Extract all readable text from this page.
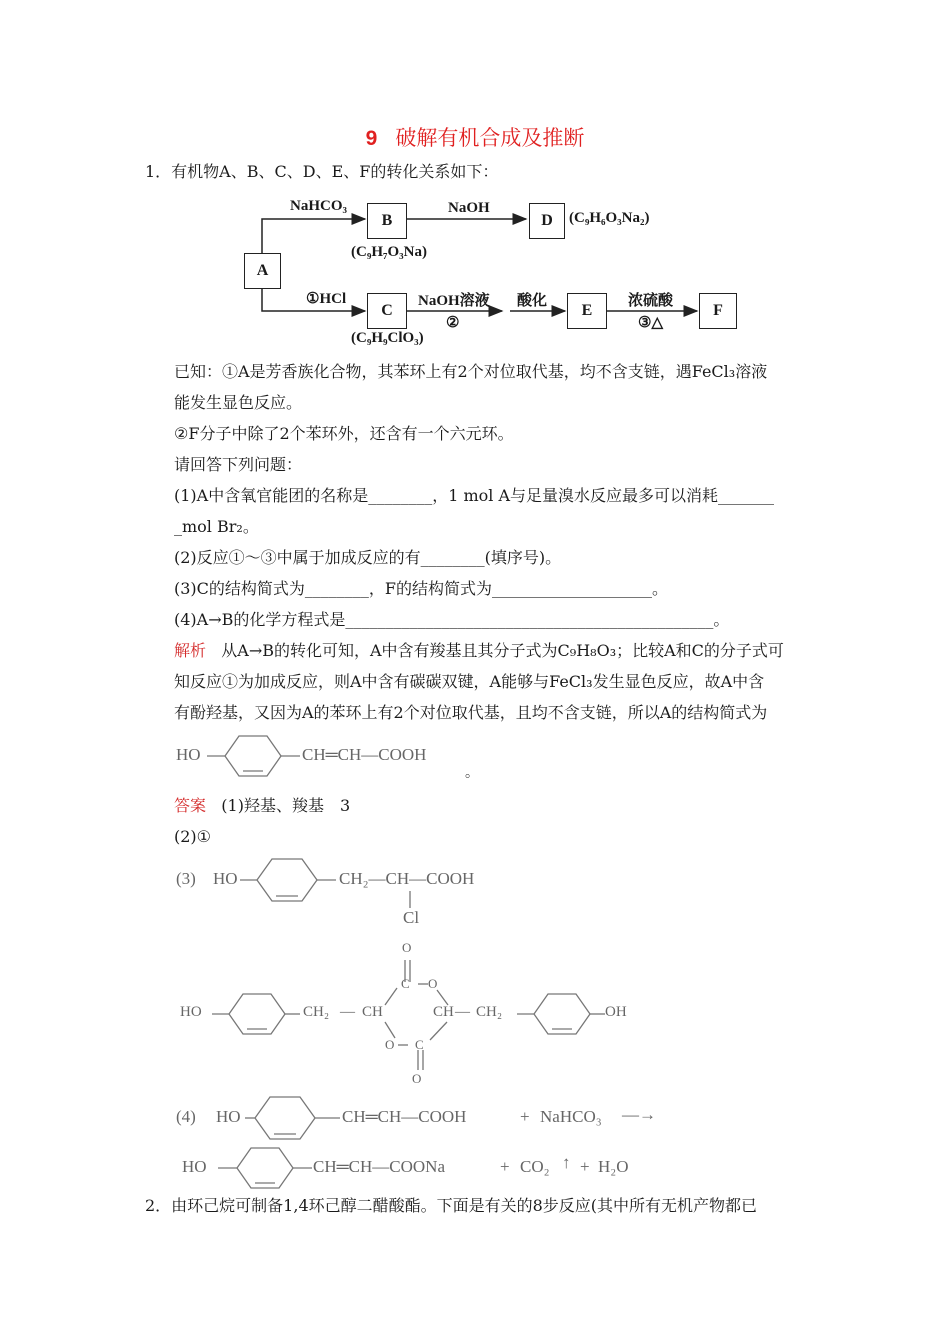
9 破解有机合成及推断
1．有机物A、B、C、D、E、F的转化关系如下：
A
B	D
C	E	F
NaHCO₃	NaOH
(C₉H₆O₃Na₂)
(C₉H₇O₃Na)
①HCl	NaOH溶液
②
酸化	浓硫酸
③△
(C₉H₉ClO₃)
已知：①A是芳香族化合物，其苯环上有2个对位取代基，均不含支链，遇FeCl₃溶液
能发生显色反应。
②F分子中除了2个苯环外，还含有一个六元环。
请回答下列问题：
(1)A中含氧官能团的名称是________，1 mol A与足量溴水反应最多可以消耗_______
_mol Br₂。
(2)反应①～③中属于加成反应的有________(填序号)。
(3)C的结构简式为________，F的结构简式为____________________。
(4)A→B的化学方程式是______________________________________________。
解析 从A→B的转化可知，A中含有羧基且其分子式为C₉H₈O₃；比较A和C的分子式可
知反应①为加成反应，则A中含有碳碳双键，A能够与FeCl₃发生显色反应，故A中含
有酚羟基，又因为A的苯环上有2个对位取代基，且均不含支链，所以A的结构简式为
HO	CH═CH—COOH
。
答案 (1)羟基、羧基　3
(2)①
(3) HO	CH₂—CH—COOH
Cl
HO	CH₂ — CH	CH — CH₂	OH
O
C O
O C
O
(4) HO	CH═CH—COOH	+ NaHCO₃ —→
HO	CH═CH—COONa	+ CO₂ ↑ + H₂O
2．由环己烷可制备1,4环己醇二醋酸酯。下面是有关的8步反应(其中所有无机产物都已
